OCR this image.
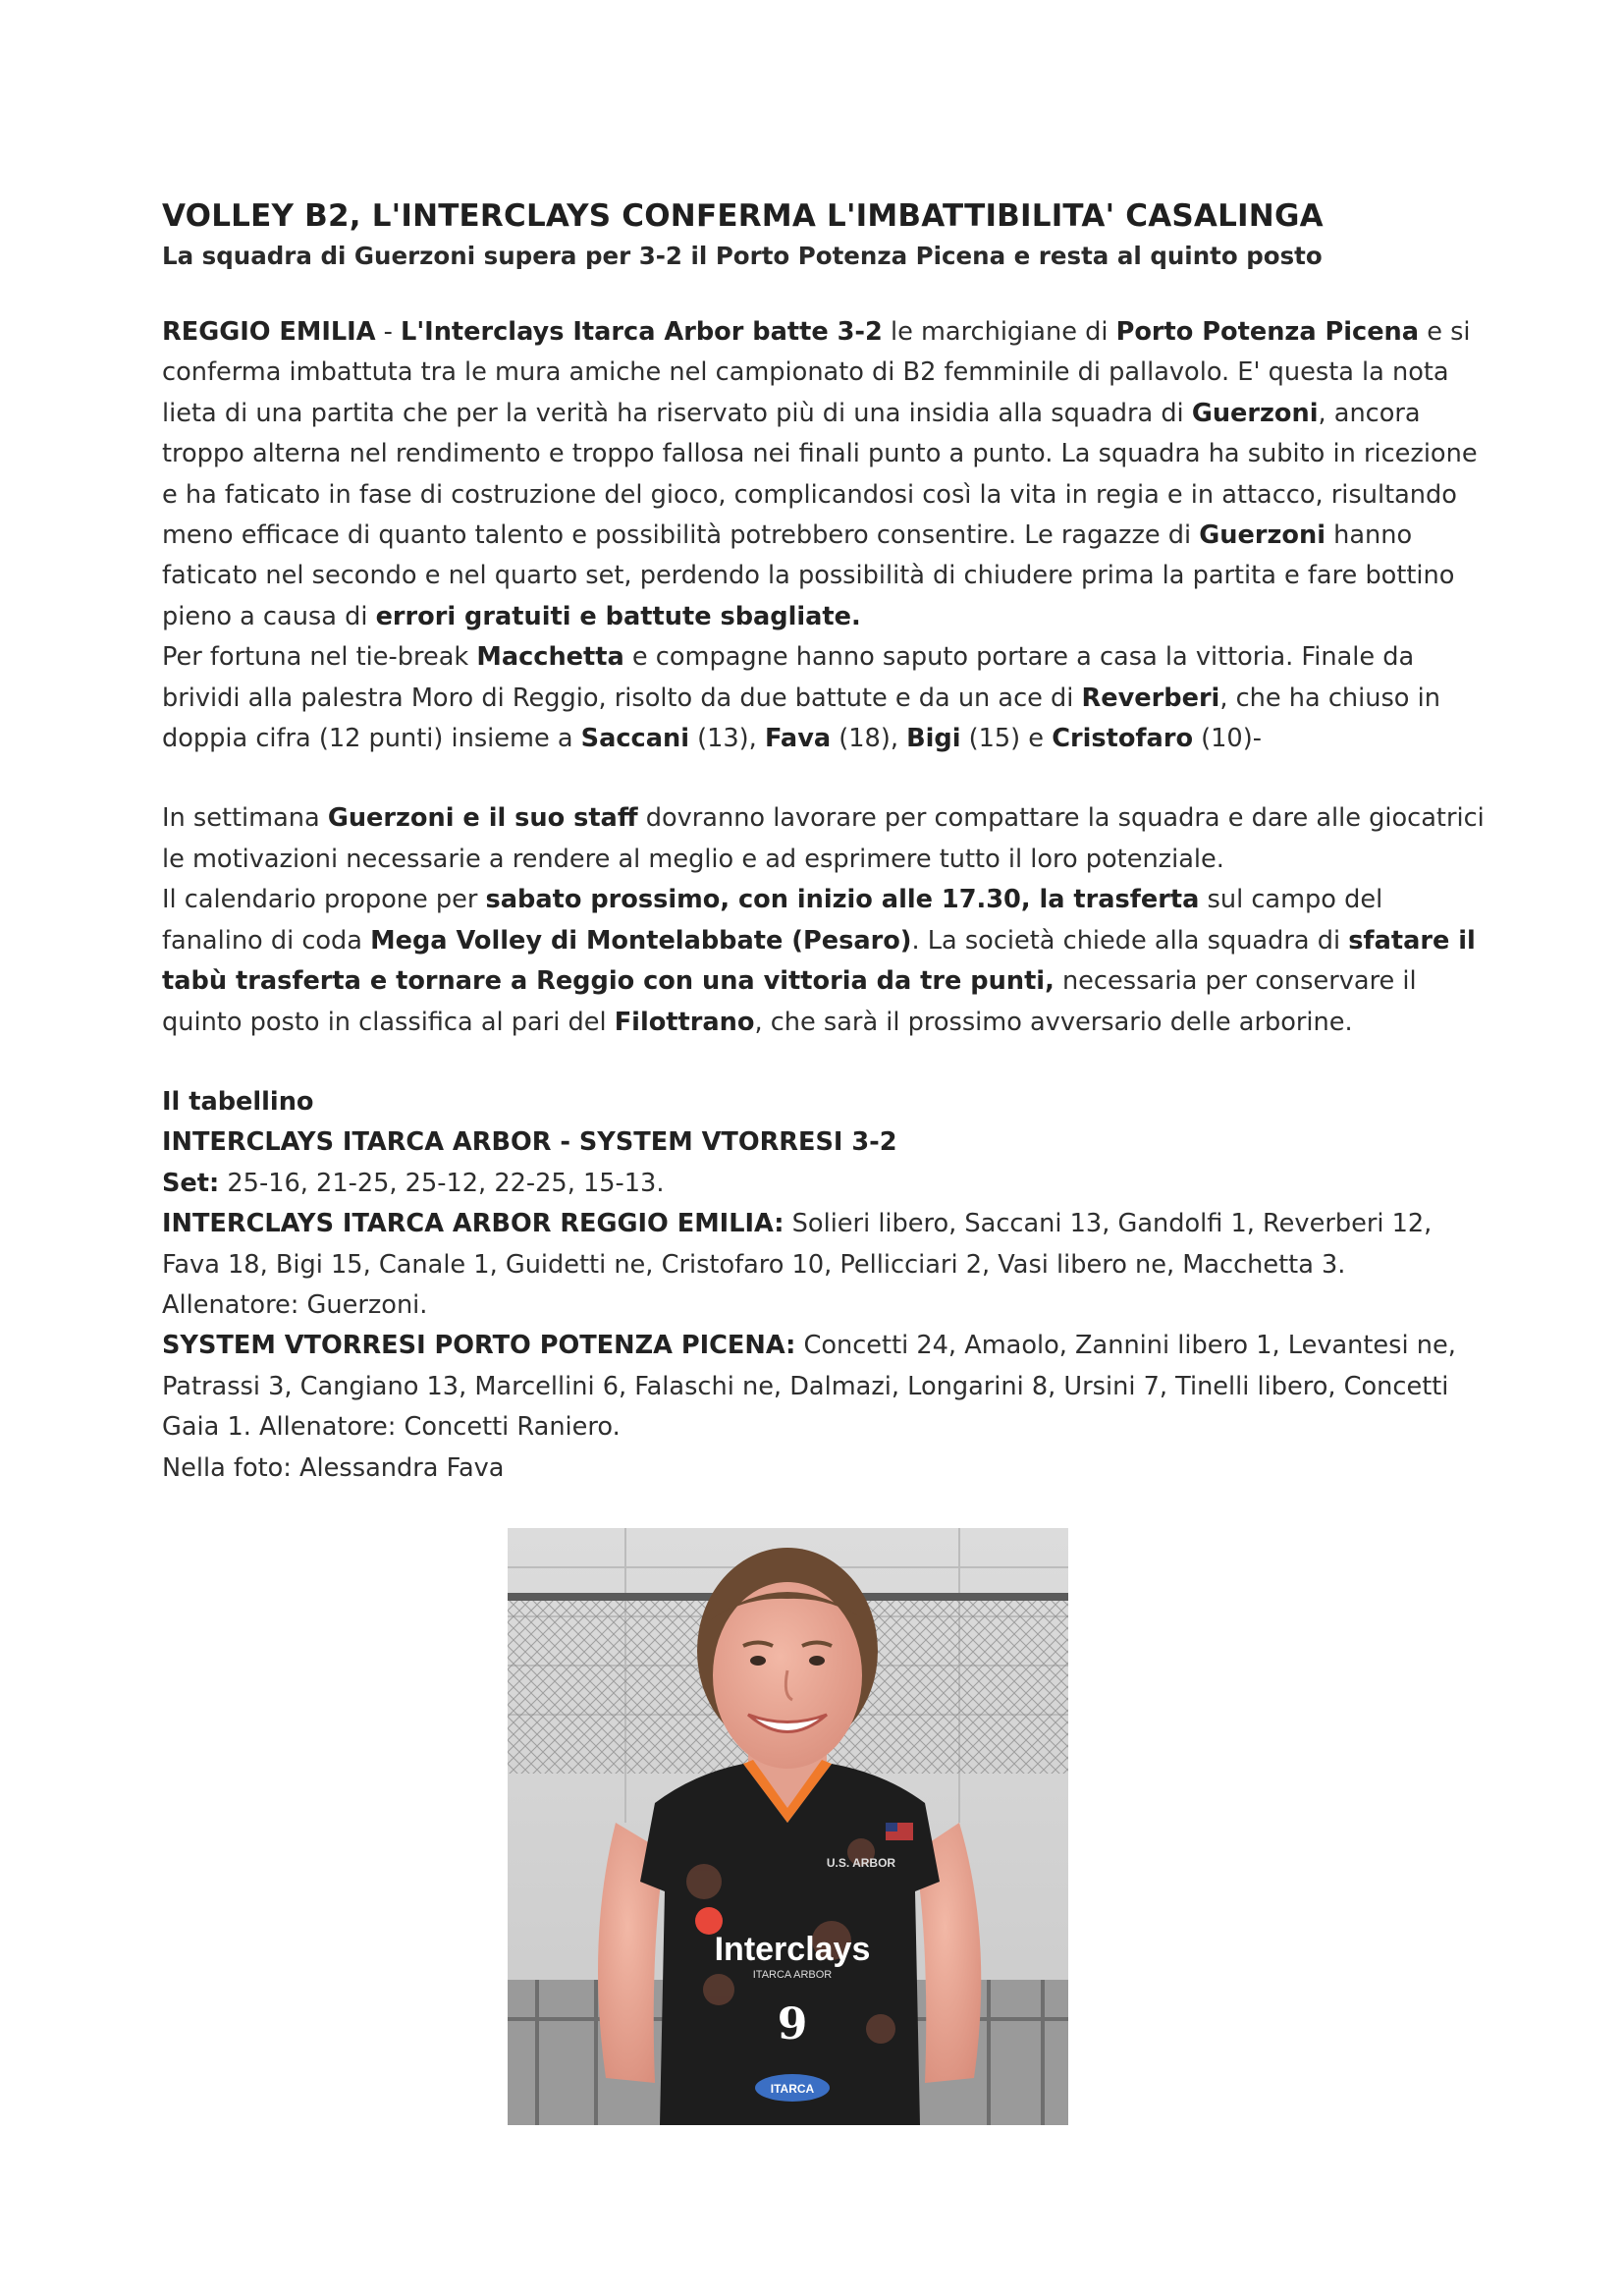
VOLLEY B2, L'INTERCLAYS CONFERMA L'IMBATTIBILITA' CASALINGA
La squadra di Guerzoni supera per 3-2 il Porto Potenza Picena e resta al quinto posto

REGGIO EMILIA - L'Interclays Itarca Arbor batte 3-2 le marchigiane di Porto Potenza Picena e si conferma imbattuta tra le mura amiche nel campionato di B2 femminile di pallavolo. E' questa la nota lieta di una partita che per la verità ha riservato più di una insidia alla squadra di Guerzoni, ancora troppo alterna nel rendimento e troppo fallosa nei finali punto a punto. La squadra ha subito in ricezione e ha faticato in fase di costruzione del gioco, complicandosi così la vita in regia e in attacco, risultando meno efficace di quanto talento e possibilità potrebbero consentire. Le ragazze di Guerzoni hanno faticato nel secondo e nel quarto set, perdendo la possibilità di chiudere prima la partita e fare bottino pieno a causa di errori gratuiti e battute sbagliate.
Per fortuna nel tie-break Macchetta e compagne hanno saputo portare a casa la vittoria. Finale da brividi alla palestra Moro di Reggio, risolto da due battute e da un ace di Reverberi, che ha chiuso in doppia cifra (12 punti) insieme a Saccani (13), Fava (18), Bigi (15) e Cristofaro (10)-

In settimana Guerzoni e il suo staff dovranno lavorare per compattare la squadra e dare alle giocatrici le motivazioni necessarie a rendere al meglio e ad esprimere tutto il loro potenziale.
Il calendario propone per sabato prossimo, con inizio alle 17.30, la trasferta sul campo del fanalino di coda Mega Volley di Montelabbate (Pesaro). La società chiede alla squadra di sfatare il tabù trasferta e tornare a Reggio con una vittoria da tre punti, necessaria per conservare il quinto posto in classifica al pari del Filottrano, che sarà il prossimo avversario delle arborine.

Il tabellino
INTERCLAYS ITARCA ARBOR - SYSTEM VTORRESI 3-2
Set: 25-16, 21-25, 25-12, 22-25, 15-13.
INTERCLAYS ITARCA ARBOR REGGIO EMILIA: Solieri libero, Saccani 13, Gandolfi 1, Reverberi 12, Fava 18, Bigi 15, Canale 1, Guidetti ne, Cristofaro 10, Pellicciari 2, Vasi libero ne, Macchetta 3. Allenatore: Guerzoni.
SYSTEM VTORRESI PORTO POTENZA PICENA: Concetti 24, Amaolo, Zannini libero 1, Levantesi ne, Patrassi 3, Cangiano 13, Marcellini 6, Falaschi ne, Dalmazi, Longarini 8, Ursini 7, Tinelli libero, Concetti Gaia 1. Allenatore: Concetti Raniero.
Nella foto: Alessandra Fava

Interclays
ITARCA ARBOR
U.S. ARBOR
9
ITARCA
